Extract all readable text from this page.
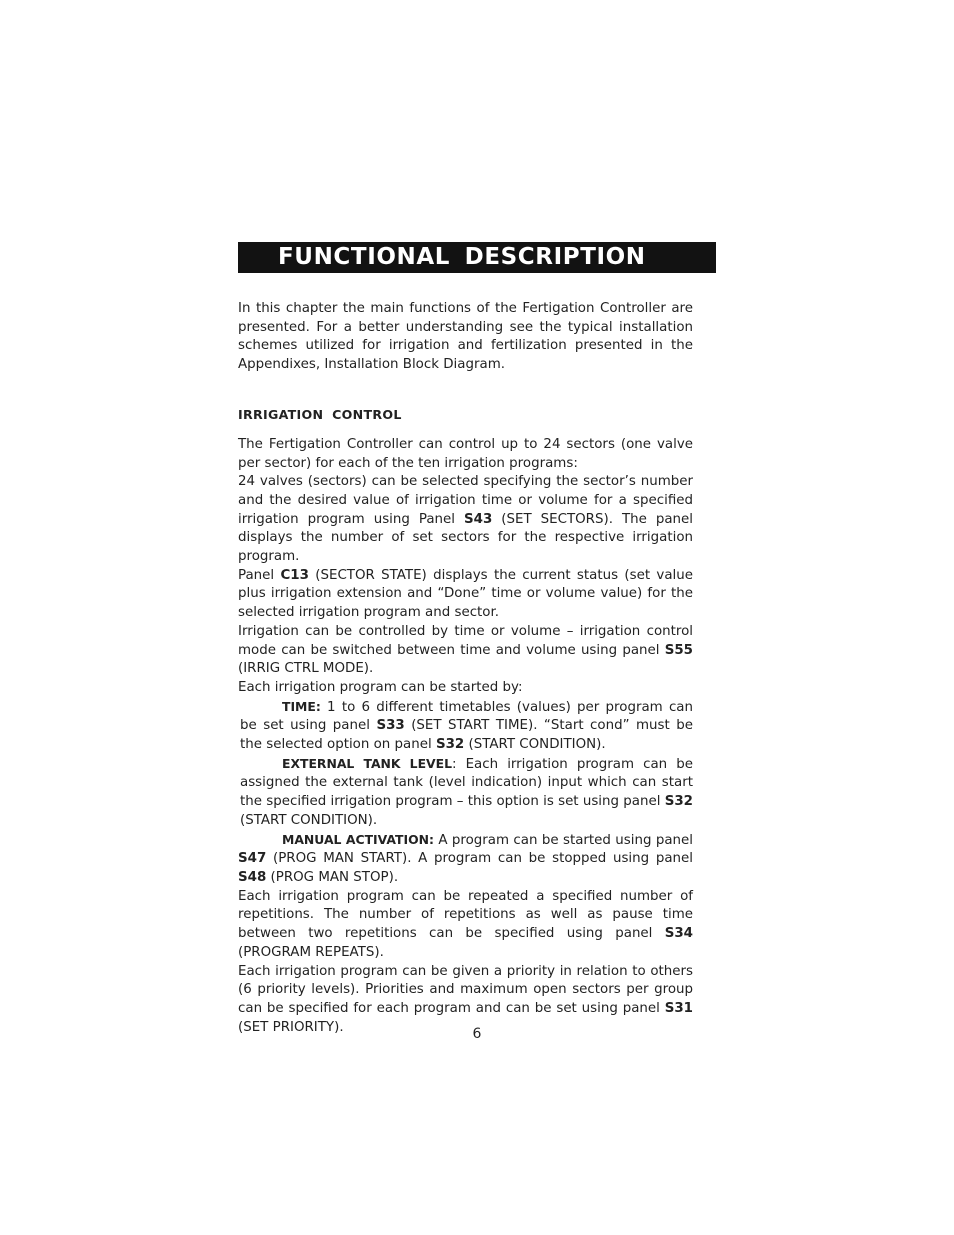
FUNCTIONAL DESCRIPTION

In this chapter the main functions of the Fertigation Controller are presented. For a better understanding see the typical installation schemes utilized for irrigation and fertilization presented in the Appendixes, Installation Block Diagram.

IRRIGATION CONTROL

The Fertigation Controller can control up to 24 sectors (one valve per sector) for each of the ten irrigation programs:

24 valves (sectors) can be selected specifying the sector’s number and the desired value of irrigation time or volume for a specified irrigation program using Panel S43 (SET SECTORS). The panel displays the number of set sectors for the respective irrigation program.

Panel C13 (SECTOR STATE) displays the current status (set value plus irrigation extension and “Done” time or volume value) for the selected irrigation program and sector.

Irrigation can be controlled by time or volume – irrigation control mode can be switched between time and volume using panel S55 (IRRIG CTRL MODE).

Each irrigation program can be started by:

TIME: 1 to 6 different timetables (values) per program can be set using panel S33 (SET START TIME). “Start cond” must be the selected option on panel S32 (START CONDITION).

EXTERNAL TANK LEVEL: Each irrigation program can be assigned the external tank (level indication) input which can start the specified irrigation program – this option is set using panel S32 (START CONDITION).

MANUAL ACTIVATION: A program can be started using panel S47 (PROG MAN START). A program can be stopped using panel S48 (PROG MAN STOP).

Each irrigation program can be repeated a specified number of repetitions. The number of repetitions as well as pause time between two repetitions can be specified using panel S34 (PROGRAM REPEATS).

Each irrigation program can be given a priority in relation to others (6 priority levels). Priorities and maximum open sectors per group can be specified for each program and can be set using panel S31 (SET PRIORITY).	6
